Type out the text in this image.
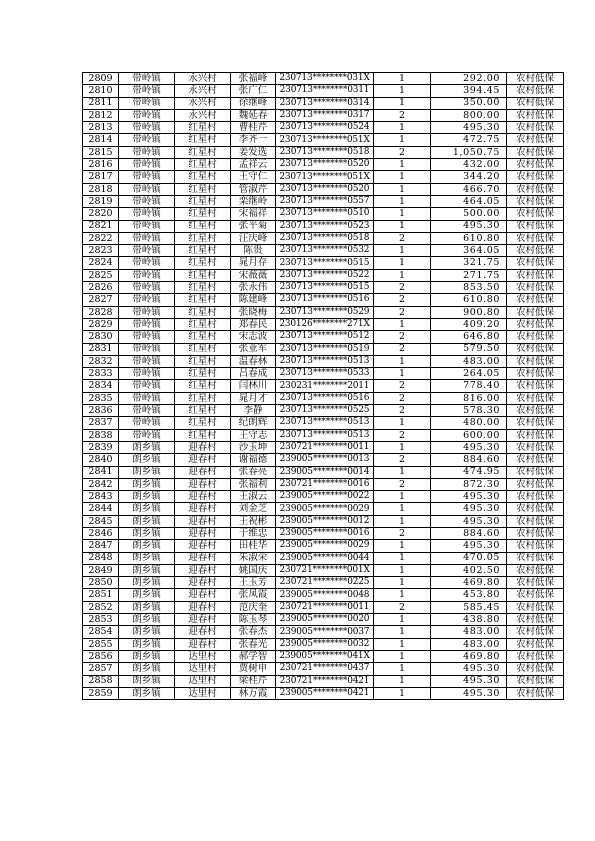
2809	带岭镇	永兴村	张福峰	230713********031X	1	292.00	农村低保
2810	带岭镇	永兴村	张广仁	230713********0311	1	394.45	农村低保
2811	带岭镇	永兴村	徐继峰	230713********0314	1	350.00	农村低保
2812	带岭镇	永兴村	魏延春	230713********0317	2	800.00	农村低保
2813	带岭镇	红星村	曹桂芹	230713********0524	1	495.30	农村低保
2814	带岭镇	红星村	李齐一	230713********051X	1	472.75	农村低保
2815	带岭镇	红星村	姜发选	230713********0518	2	1,050.75	农村低保
2816	带岭镇	红星村	孟祥云	230713********0520	1	432.00	农村低保
2817	带岭镇	红星村	王守仁	230713********051X	1	344.20	农村低保
2818	带岭镇	红星村	管淑芹	230713********0520	1	466.70	农村低保
2819	带岭镇	红星村	栾继岭	230713********0557	1	464.05	农村低保
2820	带岭镇	红星村	宋福祥	230713********0510	1	500.00	农村低保
2821	带岭镇	红星村	张平菊	230713********0523	1	495.30	农村低保
2822	带岭镇	红星村	汪庆峰	230713********0518	2	610.80	农村低保
2823	带岭镇	红星村	陈贵	230713********0532	1	364.05	农村低保
2824	带岭镇	红星村	晁月存	230713********0515	1	321.75	农村低保
2825	带岭镇	红星村	宋薇薇	230713********0522	1	271.75	农村低保
2826	带岭镇	红星村	张永伟	230713********0515	2	853.50	农村低保
2827	带岭镇	红星村	陈建峰	230713********0516	2	610.80	农村低保
2828	带岭镇	红星村	张晓梅	230713********0529	2	900.80	农村低保
2829	带岭镇	红星村	郑春民	230126********271X	1	409.20	农村低保
2830	带岭镇	红星村	宋志波	230713********0512	2	646.80	农村低保
2831	带岭镇	红星村	张亚军	230713********0519	2	579.50	农村低保
2832	带岭镇	红星村	温春林	230713********0513	1	483.00	农村低保
2833	带岭镇	红星村	吕春成	230713********0533	1	264.05	农村低保
2834	带岭镇	红星村	闫林川	230231********2011	2	778.40	农村低保
2835	带岭镇	红星村	晁月才	230713********0516	2	816.00	农村低保
2836	带岭镇	红星村	李静	230713********0525	2	578.30	农村低保
2837	带岭镇	红星村	纪朗辉	230713********0513	1	480.00	农村低保
2838	带岭镇	红星村	王守志	230713********0513	2	600.00	农村低保
2839	朗乡镇	迎春村	沙玉坤	230721********0011	1	495.30	农村低保
2840	朗乡镇	迎春村	谢福德	239005********0013	2	884.60	农村低保
2841	朗乡镇	迎春村	张春亮	239005********0014	1	474.95	农村低保
2842	朗乡镇	迎春村	张福利	230721********0016	2	872.30	农村低保
2843	朗乡镇	迎春村	王淑云	239005********0022	1	495.30	农村低保
2844	朗乡镇	迎春村	刘金芝	239005********0029	1	495.30	农村低保
2845	朗乡镇	迎春村	王祝彬	239005********0012	1	495.30	农村低保
2846	朗乡镇	迎春村	于维忠	239005********0016	2	884.60	农村低保
2847	朗乡镇	迎春村	田桂华	239005********0029	1	495.30	农村低保
2848	朗乡镇	迎春村	朱淑荣	239005********0044	1	470.05	农村低保
2849	朗乡镇	迎春村	姚国庆	230721********001X	1	402.50	农村低保
2850	朗乡镇	迎春村	王玉芳	230721********0225	1	469.80	农村低保
2851	朗乡镇	迎春村	张凤霞	239005********0048	1	453.80	农村低保
2852	朗乡镇	迎春村	范庆奎	230721********0011	2	585.45	农村低保
2853	朗乡镇	迎春村	陈玉琴	239005********0020	1	438.80	农村低保
2854	朗乡镇	迎春村	张春杰	239005********0037	1	483.00	农村低保
2855	朗乡镇	迎春村	张春光	239005********0032	1	483.00	农村低保
2856	朗乡镇	达里村	郝学智	239005********041X	1	469.80	农村低保
2857	朗乡镇	达里村	贾树申	230721********0437	1	495.30	农村低保
2858	朗乡镇	达里村	梁桂芹	230721********0421	1	495.30	农村低保
2859	朗乡镇	达里村	林万霞	239005********0421	1	495.30	农村低保
